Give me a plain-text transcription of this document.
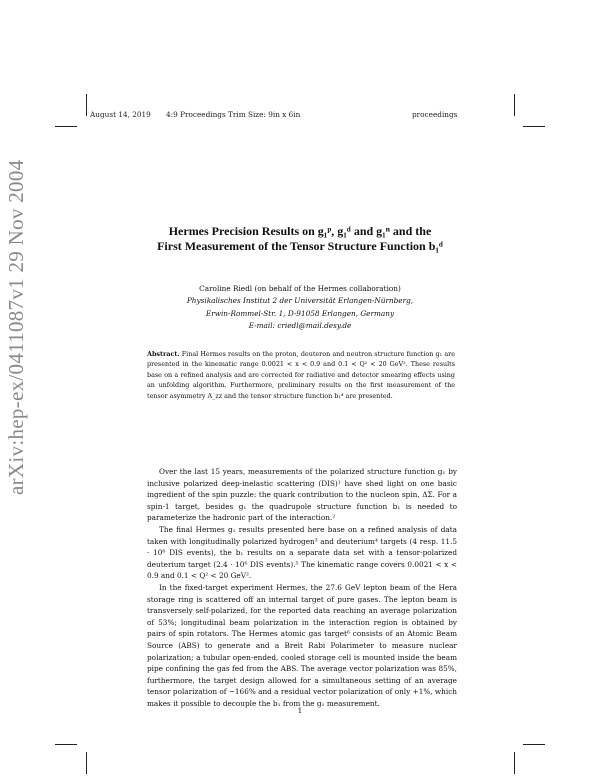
arXiv:hep-ex/0411087v1 29 Nov 2004
August 14, 2019 4:9 Proceedings Trim Size: 9in x 6in	proceedings
Hermes Precision Results on g₁ᵖ, g₁ᵈ and g₁ⁿ and the
First Measurement of the Tensor Structure Function b₁ᵈ
Caroline Riedl (on behalf of the Hermes collaboration)
Physikalisches Institut 2 der Universität Erlangen-Nürnberg,
Erwin-Rommel-Str. 1, D-91058 Erlangen, Germany
E-mail: criedl@mail.desy.de
Abstract. Final Hermes results on the proton, deuteron and neutron structure function g₁ are presented in the kinematic range 0.0021 < x < 0.9 and 0.1 < Q² < 20 GeV². These results base on a refined analysis and are corrected for radiative and detector smearing effects using an unfolding algorithm. Furthermore, preliminary results on the first measurement of the tensor asymmetry A_zz and the tensor structure function b₁ᵈ are presented.

Over the last 15 years, measurements of the polarized structure function g₁ by inclusive polarized deep-inelastic scattering (DIS)¹ have shed light on one basic ingredient of the spin puzzle: the quark contribution to the nucleon spin, ΔΣ. For a spin-1 target, besides g₁ the quadrupole structure function b₁ is needed to parameterize the hadronic part of the interaction.²

The final Hermes g₁ results presented here base on a refined analysis of data taken with longitudinally polarized hydrogen³ and deuterium⁴ targets (4 resp. 11.5 · 10⁶ DIS events), the b₁ results on a separate data set with a tensor-polarized deuterium target (2.4 · 10⁶ DIS events).⁵ The kinematic range covers 0.0021 < x < 0.9 and 0.1 < Q² < 20 GeV².

In the fixed-target experiment Hermes, the 27.6 GeV lepton beam of the Hera storage ring is scattered off an internal target of pure gases. The lepton beam is transversely self-polarized, for the reported data reaching an average polarization of 53%; longitudinal beam polarization in the interaction region is obtained by pairs of spin rotators. The Hermes atomic gas target⁶ consists of an Atomic Beam Source (ABS) to generate and a Breit Rabi Polarimeter to measure nuclear polarization; a tubular open-ended, cooled storage cell is mounted inside the beam pipe confining the gas fed from the ABS. The average vector polarization was 85%, furthermore, the target design allowed for a simultaneous setting of an average tensor polarization of −166% and a residual vector polarization of only +1%, which makes it possible to decouple the b₁ from the g₁ measurement.

1
